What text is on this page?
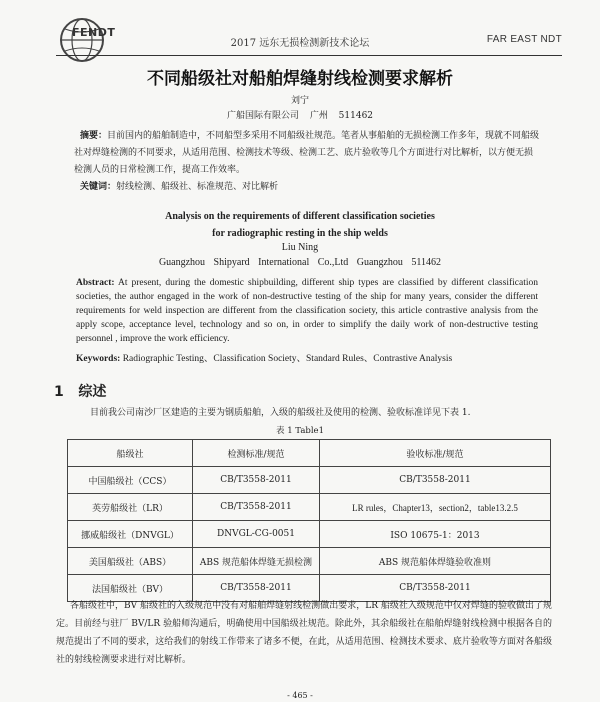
FENDT
2017 远东无损检测新技术论坛	FAR EAST NDT
不同船级社对船舶焊缝射线检测要求解析
刘宁
广船国际有限公司 广州 511462
摘要：目前国内的船舶制造中，不同船型多采用不同船级社规范。笔者从事船舶的无损检测工作多年，现就不同船级社对焊缝检测的不同要求，从适用范围、检测技术等级、检测工艺、底片验收等几个方面进行对比解析，以方便无损检测人员的日常检测工作，提高工作效率。
关键词：射线检测、船级社、标准规范、对比解析
Analysis on the requirements of different classification societies
for radiographic resting in the ship welds
Liu Ning
Guangzhou Shipyard International Co.,Ltd Guangzhou 511462
Abstract: At present, during the domestic shipbuilding, different ship types are classified by different classification societies, the author engaged in the work of non-destructive testing of the ship for many years, consider the different requirements for weld inspection are different from the classification society, this article contrastive analysis from the apply scope, acceptance level, technology and so on, in order to simplify the daily work of non-destructive testing personnel , improve the work efficiency.
Keywords: Radiographic Testing、Classification Society、Standard Rules、Contrastive Analysis
1 综述
目前我公司南沙厂区建造的主要为钢质船舶，入级的船级社及使用的检测、验收标准详见下表 1.
表 1 Table1
船级社	检测标准/规范	验收标准/规范
中国船级社（CCS）	CB/T3558-2011	CB/T3558-2011
英劳船级社（LR）	CB/T3558-2011	LR rules，Chapter13，section2，table13.2.5
挪威船级社（DNVGL）	DNVGL-CG-0051	ISO 10675-1：2013
美国船级社（ABS）	ABS 规范船体焊缝无损检测	ABS 规范船体焊缝验收准则
法国船级社（BV）	CB/T3558-2011	CB/T3558-2011
各船级社中，BV 船级社的入级规范中没有对船舶焊缝射线检测做出要求，LR 船级社入级规范中仅对焊缝的验收做出了规定。目前经与驻厂 BV/LR 验船师沟通后，明确使用中国船级社规范。除此外，其余船级社在船舶焊缝射线检测中根据各自的规范提出了不同的要求，这给我们的射线工作带来了诸多不便，在此，从适用范围、检测技术要求、底片验收等方面对各船级社的射线检测要求进行对比解析。
- 465 -
